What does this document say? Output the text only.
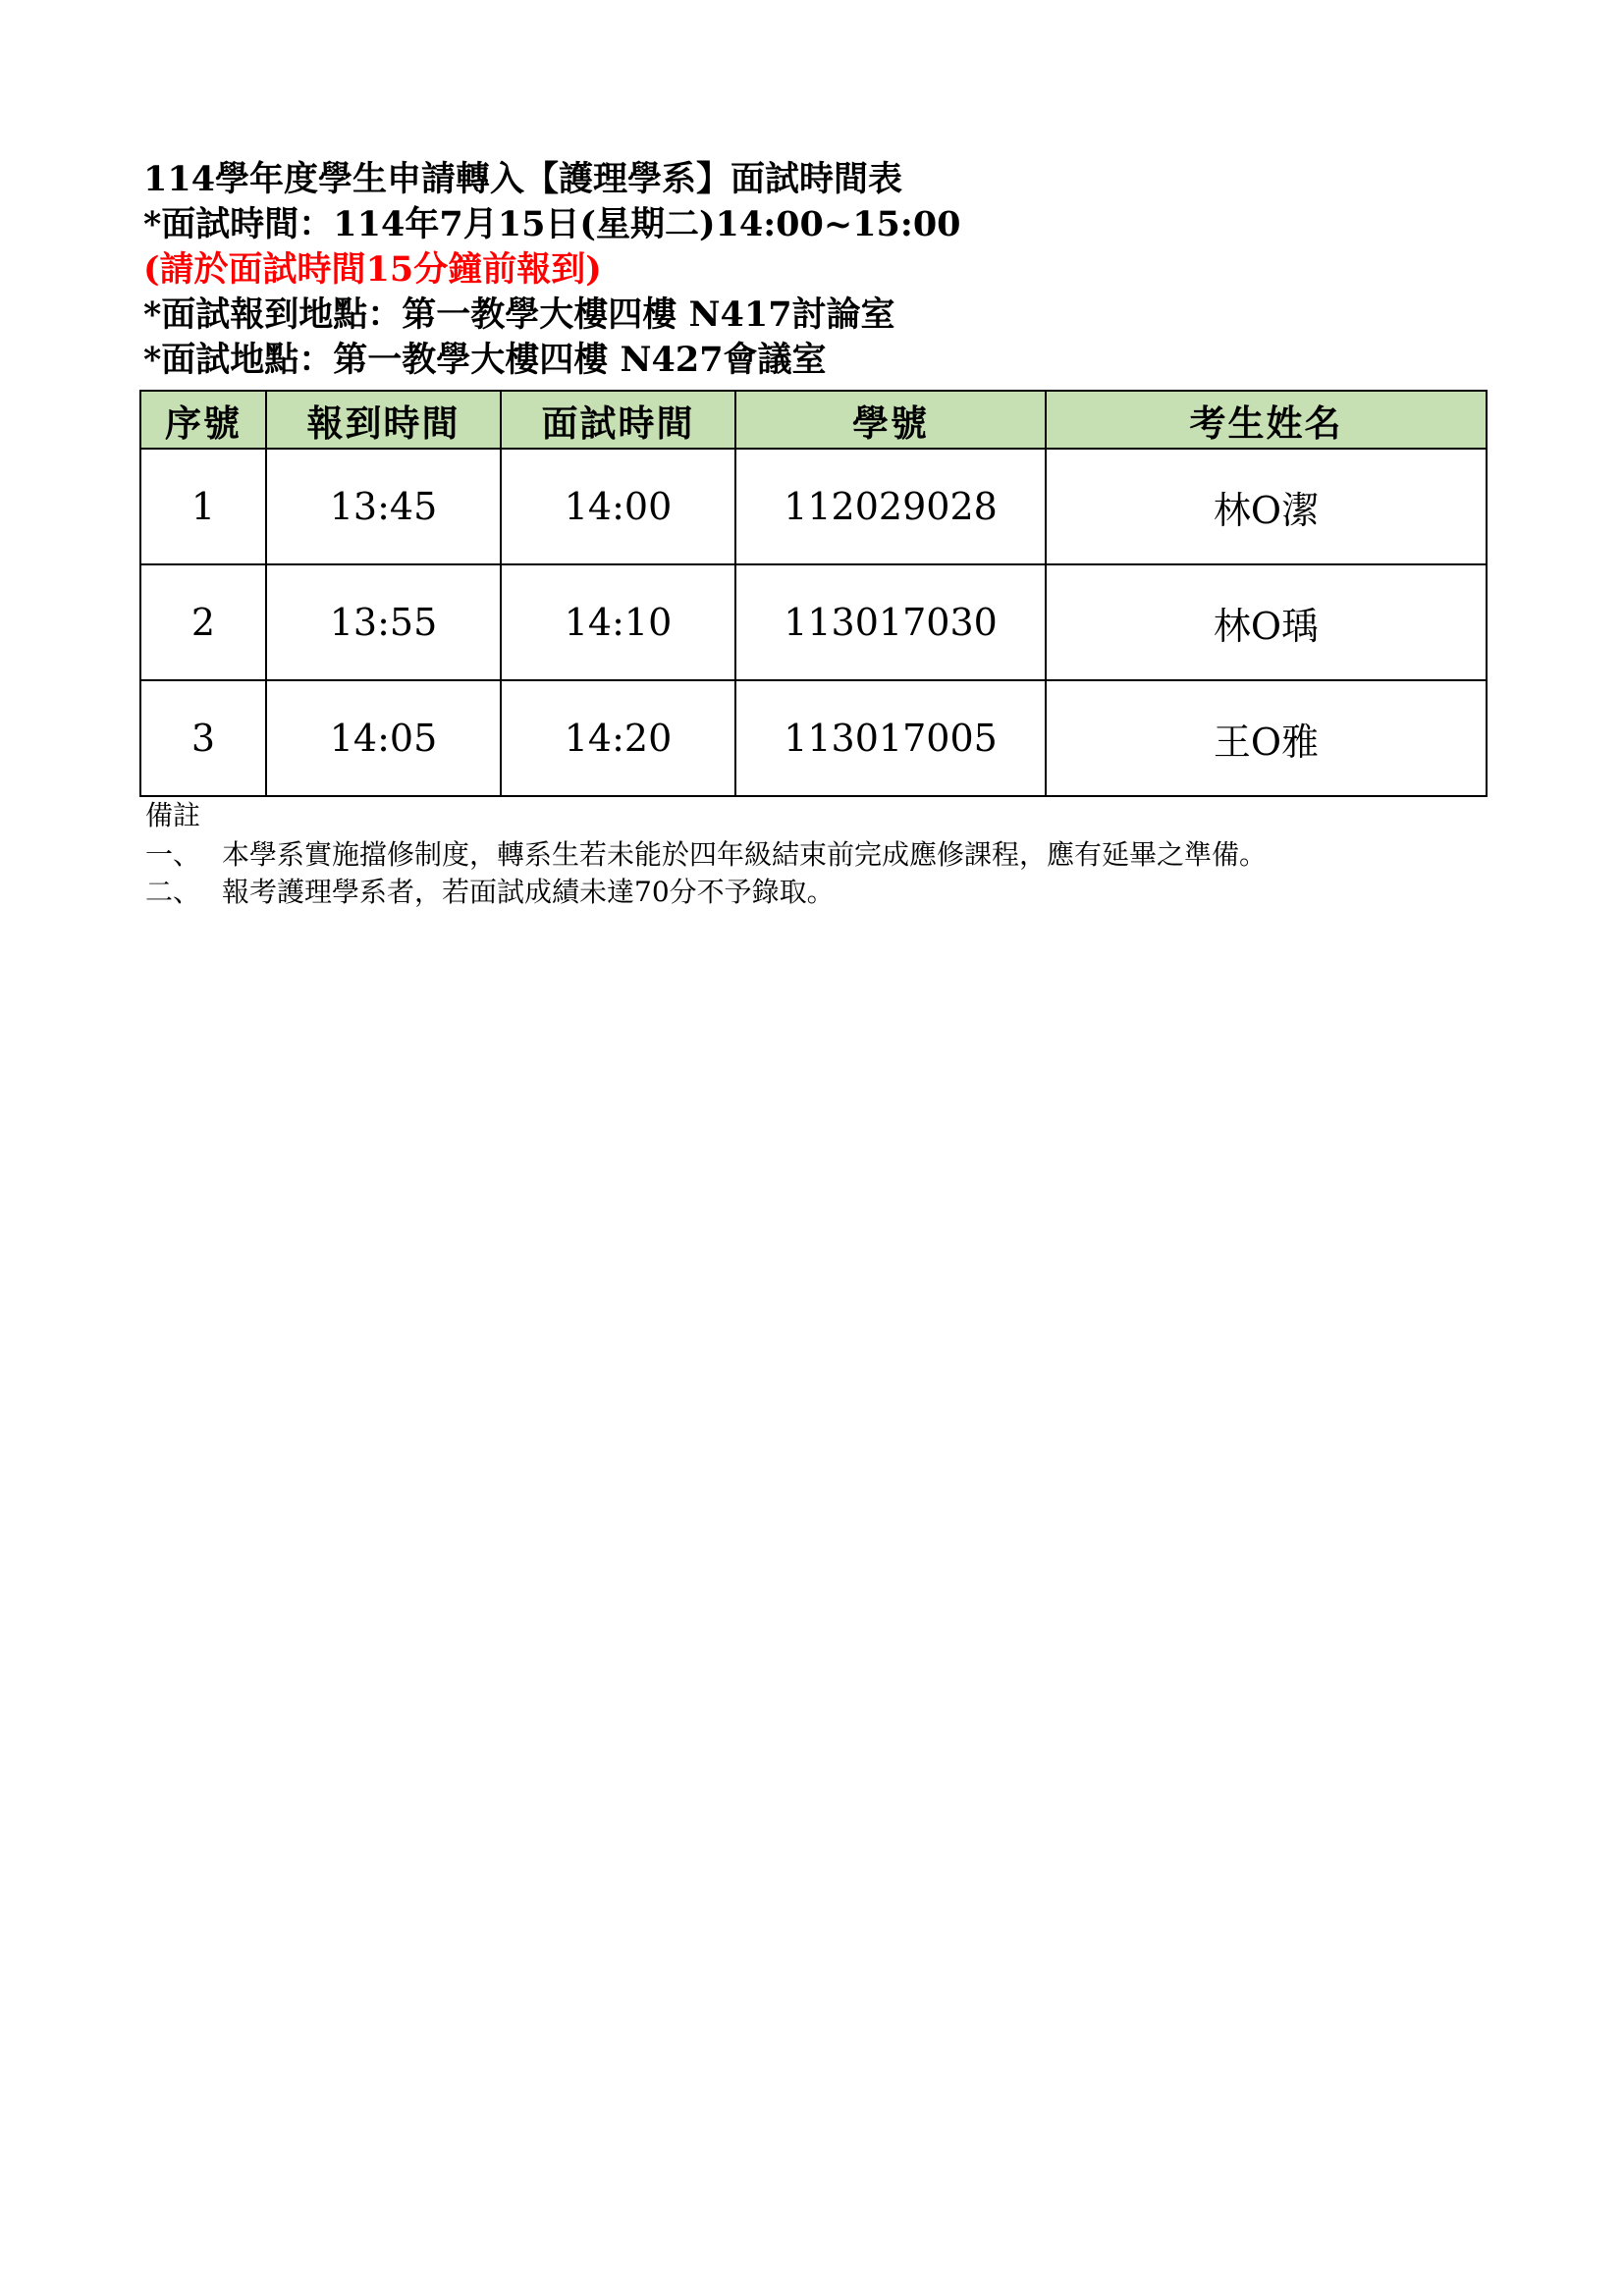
114學年度學生申請轉入【護理學系】面試時間表
*面試時間：114年7月15日(星期二)14:00~15:00
(請於面試時間15分鐘前報到)
*面試報到地點：第一教學大樓四樓 N417討論室
*面試地點：第一教學大樓四樓 N427會議室
序號	報到時間	面試時間	學號	考生姓名
1	13:45	14:00	112029028	林O潔
2	13:55	14:10	113017030	林O瑀
3	14:05	14:20	113017005	王O雅
備註
一、 本學系實施擋修制度，轉系生若未能於四年級結束前完成應修課程，應有延畢之準備。
二、 報考護理學系者，若面試成績未達70分不予錄取。
